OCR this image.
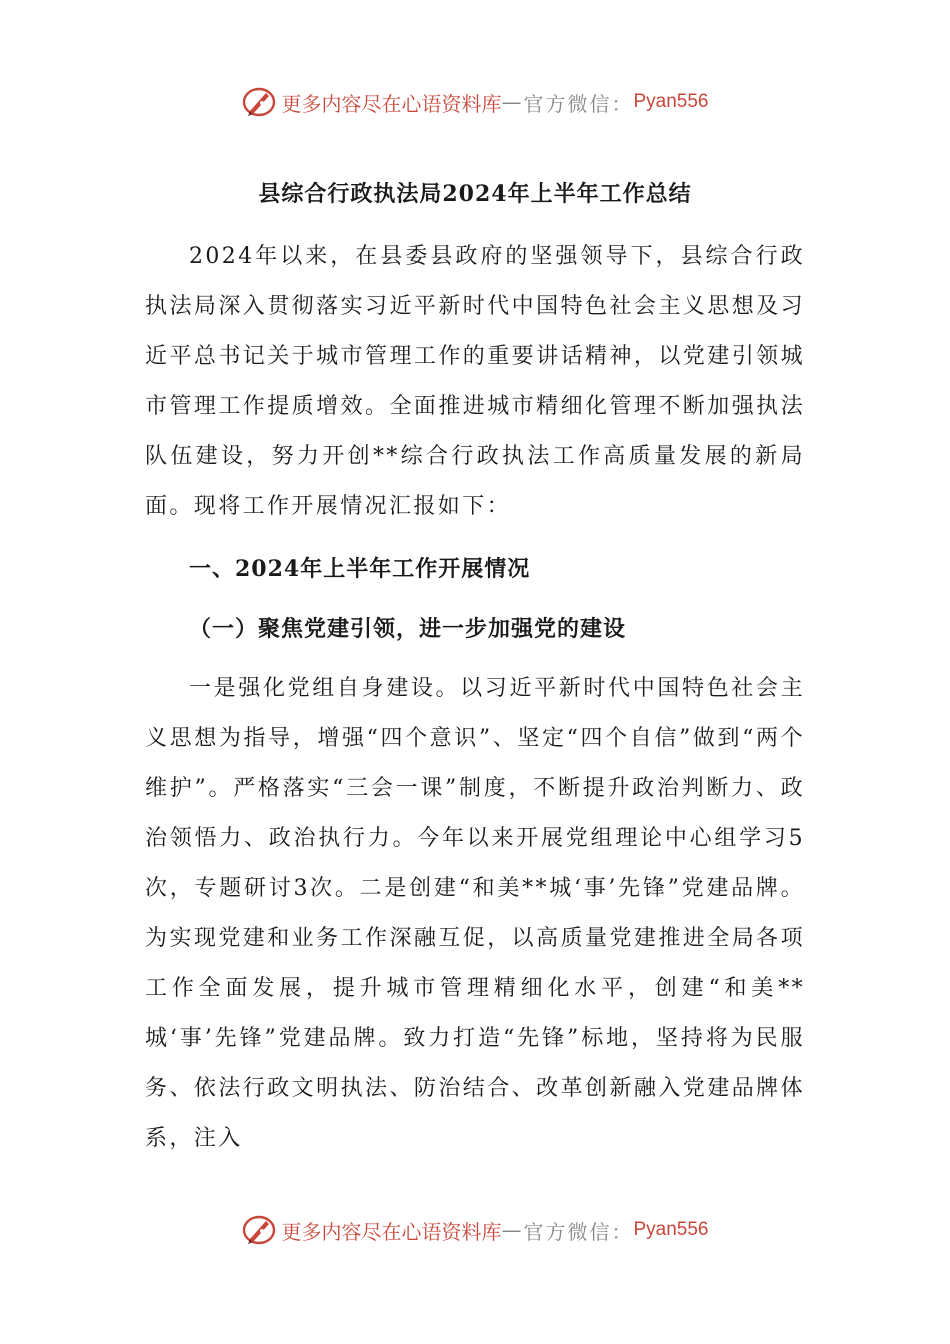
更多内容尽在心语资料库 — 官方微信： Pyan556
县综合行政执法局2024年上半年工作总结

2024年以来，在县委县政府的坚强领导下，县综合行政执法局深入贯彻落实习近平新时代中国特色社会主义思想及习近平总书记关于城市管理工作的重要讲话精神，以党建引领城市管理工作提质增效。全面推进城市精细化管理不断加强执法队伍建设，努力开创**综合行政执法工作高质量发展的新局面。现将工作开展情况汇报如下：

一、2024年上半年工作开展情况

（一）聚焦党建引领，进一步加强党的建设

一是强化党组自身建设。以习近平新时代中国特色社会主义思想为指导，增强“四个意识”、坚定“四个自信”做到“两个维护”。严格落实“三会一课”制度，不断提升政治判断力、政治领悟力、政治执行力。今年以来开展党组理论中心组学习5次，专题研讨3次。二是创建“和美**城‘事’先锋”党建品牌。为实现党建和业务工作深融互促，以高质量党建推进全局各项工作全面发展，提升城市管理精细化水平，创建“和美**城‘事’先锋”党建品牌。致力打造“先锋”标地，坚持将为民服务、依法行政文明执法、防治结合、改革创新融入党建品牌体系，注入

更多内容尽在心语资料库 — 官方微信： Pyan556
